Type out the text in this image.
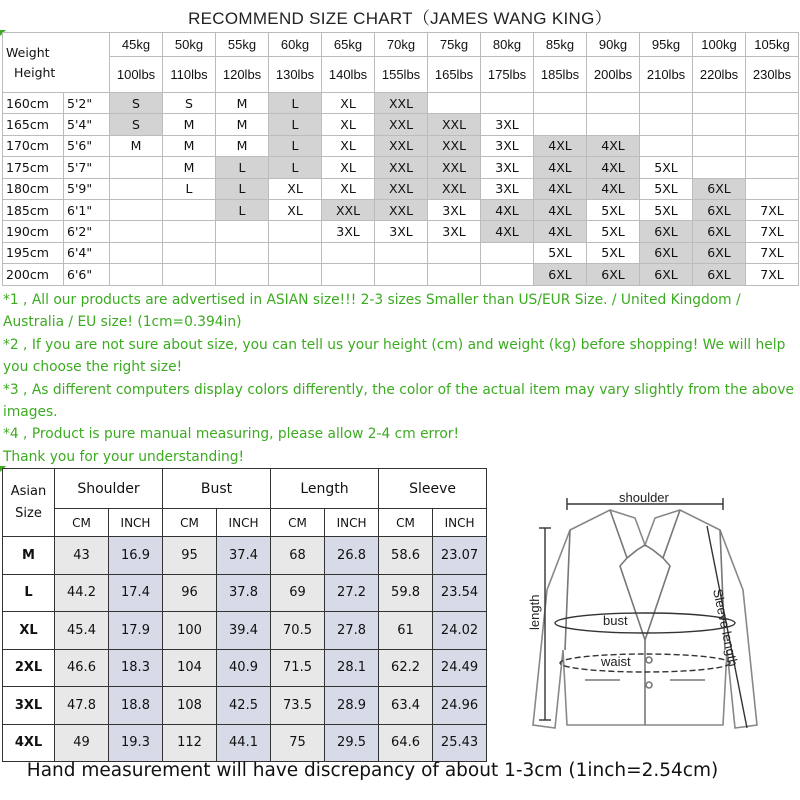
RECOMMEND SIZE CHART（JAMES WANG KING）
Weight
Height		45kg	50kg	55kg	60kg	65kg	70kg	75kg	80kg	85kg	90kg	95kg	100kg	105kg
		100lbs	110lbs	120lbs	130lbs	140lbs	155lbs	165lbs	175lbs	185lbs	200lbs	210lbs	220lbs	230lbs
160cm	5'2"	S	S	M	L	XL	XXL							
165cm	5'4"	S	M	M	L	XL	XXL	XXL	3XL					
170cm	5'6"	M	M	M	L	XL	XXL	XXL	3XL	4XL	4XL			
175cm	5'7"		M	L	L	XL	XXL	XXL	3XL	4XL	4XL	5XL		
180cm	5'9"		L	L	XL	XL	XXL	XXL	3XL	4XL	4XL	5XL	6XL	
185cm	6'1"			L	XL	XXL	XXL	3XL	4XL	4XL	5XL	5XL	6XL	7XL
190cm	6'2"					3XL	3XL	3XL	4XL	4XL	5XL	6XL	6XL	7XL
195cm	6'4"									5XL	5XL	6XL	6XL	7XL
200cm	6'6"									6XL	6XL	6XL	6XL	7XL

*1 , All our products are advertised in ASIAN size!!! 2-3 sizes Smaller than US/EUR Size. / United Kingdom / Australia / EU size! (1cm=0.394in)

*2 , If you are not sure about size, you can tell us your height (cm) and weight (kg) before shopping! We will help you choose the right size!

*3 , As different computers display colors differently, the color of the actual item may vary slightly from the above images.

*4 , Product is pure manual measuring, please allow 2-4 cm error!

Thank you for your understanding!

Asian Size	Shoulder		Bust		Length		Sleeve	
	CM	INCH	CM	INCH	CM	INCH	CM	INCH
M	43	16.9	95	37.4	68	26.8	58.6	23.07
L	44.2	17.4	96	37.8	69	27.2	59.8	23.54
XL	45.4	17.9	100	39.4	70.5	27.8	61	24.02
2XL	46.6	18.3	104	40.9	71.5	28.1	62.2	24.49
3XL	47.8	18.8	108	42.5	73.5	28.9	63.4	24.96
4XL	49	19.3	112	44.1	75	29.5	64.6	25.43
shoulder
length	bust
waist	Sleeve length
Hand measurement will have discrepancy of about 1-3cm (1inch=2.54cm)
